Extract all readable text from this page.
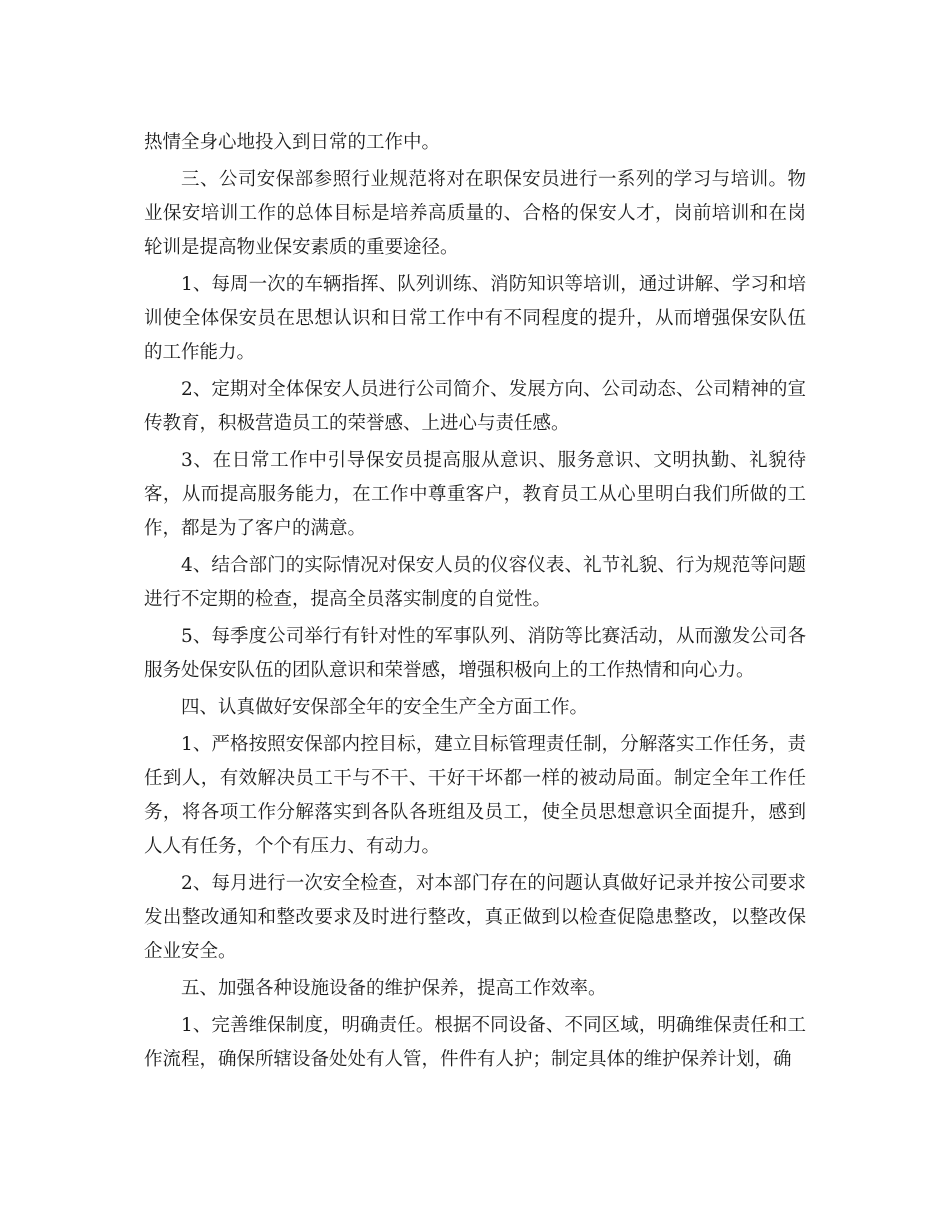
热情全身心地投入到日常的工作中。

三、公司安保部参照行业规范将对在职保安员进行一系列的学习与培训。物业保安培训工作的总体目标是培养高质量的、合格的保安人才，岗前培训和在岗轮训是提高物业保安素质的重要途径。

1、每周一次的车辆指挥、队列训练、消防知识等培训，通过讲解、学习和培训使全体保安员在思想认识和日常工作中有不同程度的提升，从而增强保安队伍的工作能力。

2、定期对全体保安人员进行公司简介、发展方向、公司动态、公司精神的宣传教育，积极营造员工的荣誉感、上进心与责任感。

3、在日常工作中引导保安员提高服从意识、服务意识、文明执勤、礼貌待客，从而提高服务能力，在工作中尊重客户，教育员工从心里明白我们所做的工作，都是为了客户的满意。

4、结合部门的实际情况对保安人员的仪容仪表、礼节礼貌、行为规范等问题进行不定期的检查，提高全员落实制度的自觉性。

5、每季度公司举行有针对性的军事队列、消防等比赛活动，从而激发公司各服务处保安队伍的团队意识和荣誉感，增强积极向上的工作热情和向心力。

四、认真做好安保部全年的安全生产全方面工作。

1、严格按照安保部内控目标，建立目标管理责任制，分解落实工作任务，责任到人，有效解决员工干与不干、干好干坏都一样的被动局面。制定全年工作任务，将各项工作分解落实到各队各班组及员工，使全员思想意识全面提升，感到人人有任务，个个有压力、有动力。

2、每月进行一次安全检查，对本部门存在的问题认真做好记录并按公司要求发出整改通知和整改要求及时进行整改，真正做到以检查促隐患整改，以整改保企业安全。

五、加强各种设施设备的维护保养，提高工作效率。

1、完善维保制度，明确责任。根据不同设备、不同区域，明确维保责任和工作流程，确保所辖设备处处有人管，件件有人护；制定具体的维护保养计划，确
